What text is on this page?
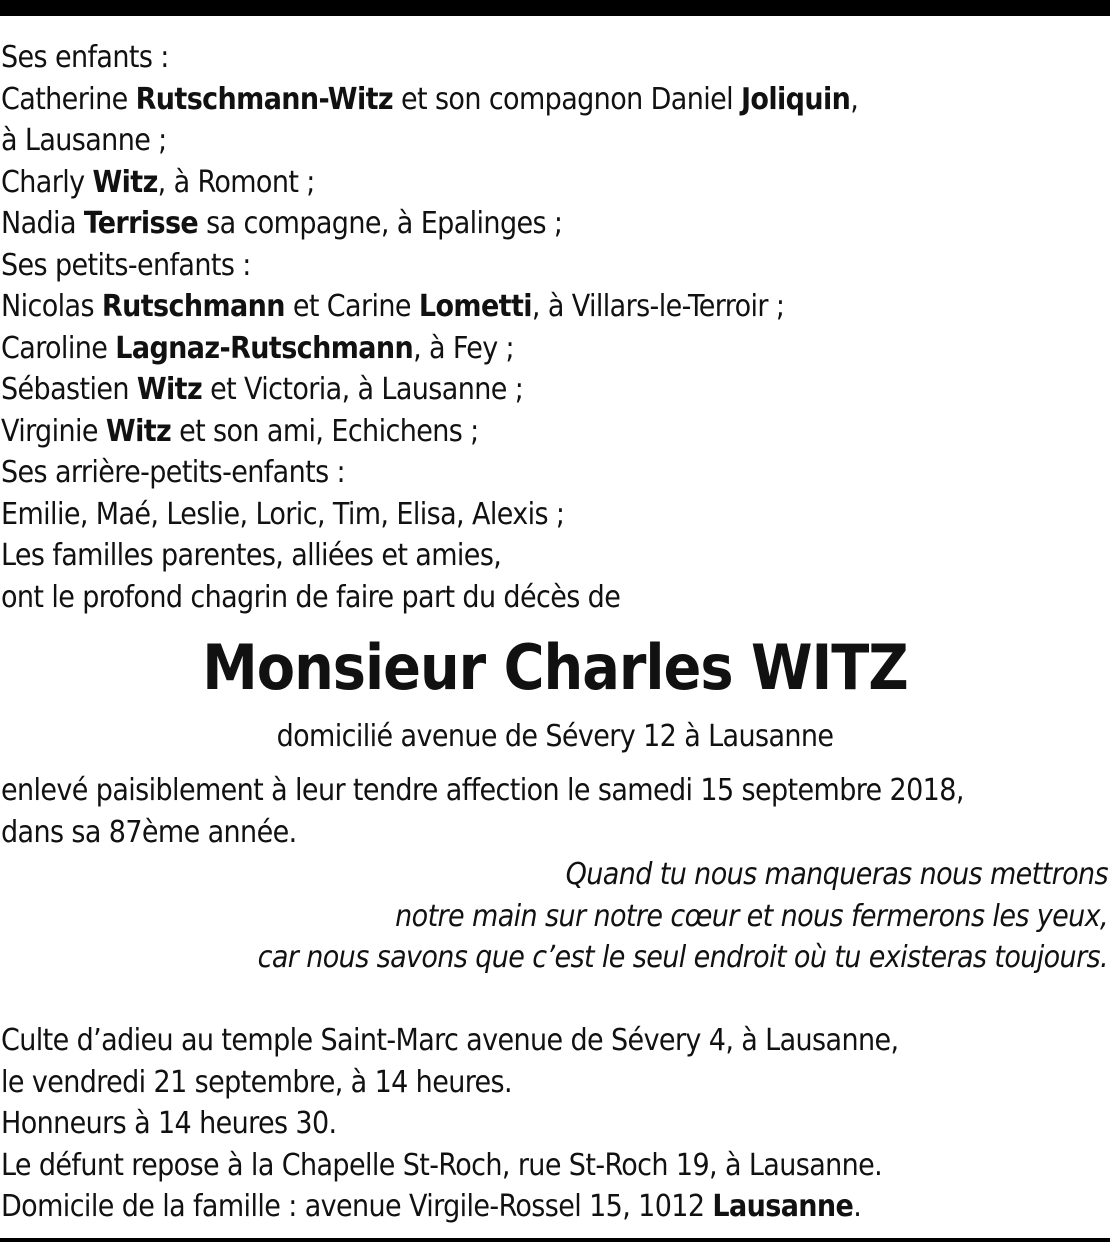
Ses enfants :
Catherine Rutschmann-Witz et son compagnon Daniel Joliquin,
à Lausanne ;
Charly Witz, à Romont ;
Nadia Terrisse sa compagne, à Epalinges ;
Ses petits-enfants :
Nicolas Rutschmann et Carine Lometti, à Villars-le-Terroir ;
Caroline Lagnaz-Rutschmann, à Fey ;
Sébastien Witz et Victoria, à Lausanne ;
Virginie Witz et son ami, Echichens ;
Ses arrière-petits-enfants :
Emilie, Maé, Leslie, Loric, Tim, Elisa, Alexis ;
Les familles parentes, alliées et amies,
ont le profond chagrin de faire part du décès de
Monsieur Charles WITZ
domicilié avenue de Sévery 12 à Lausanne
enlevé paisiblement à leur tendre affection le samedi 15 septembre 2018,
dans sa 87ème année.
Quand tu nous manqueras nous mettrons
notre main sur notre cœur et nous fermerons les yeux,
car nous savons que c’est le seul endroit où tu existeras toujours.
Culte d’adieu au temple Saint-Marc avenue de Sévery 4, à Lausanne,
le vendredi 21 septembre, à 14 heures.
Honneurs à 14 heures 30.
Le défunt repose à la Chapelle St-Roch, rue St-Roch 19, à Lausanne.
Domicile de la famille : avenue Virgile-Rossel 15, 1012 Lausanne.
